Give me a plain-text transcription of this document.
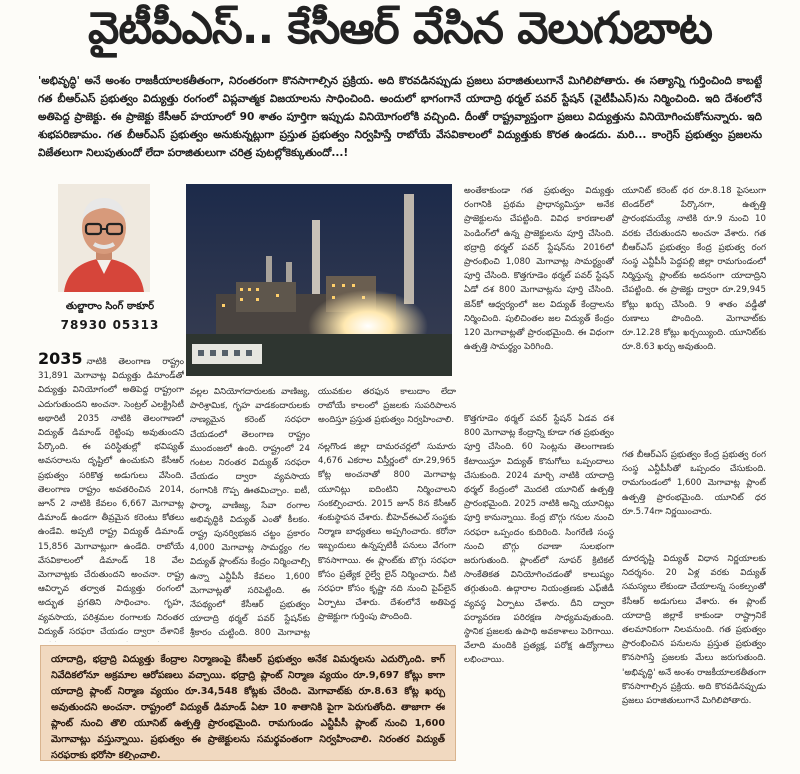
వైటీపీఎస్.. కేసీఆర్ వేసిన వెలుగుబాట
'అభివృద్ధి' అనే అంశం రాజకీయాలకతీతంగా, నిరంతరంగా కొనసాగాల్సిన ప్రక్రియ. అది కొరవడినప్పుడు ప్రజలు పరాజితులుగానే మిగిలిపోతారు. ఈ సత్యాన్ని గుర్తించింది కాబట్టే గత బీఆర్ఎస్ ప్రభుత్వం విద్యుత్తు రంగంలో విప్లవాత్మక విజయాలను సాధించింది. అందులో భాగంగానే యాదాద్రి థర్మల్ పవర్ స్టేషన్ (వైటీపీఎస్)ను నిర్మించింది. ఇది దేశంలోనే అతిపెద్ద ప్రాజెక్టు. ఈ ప్రాజెక్టు కేసీఆర్ హయాంలో 90 శాతం పూర్తిగా ఇప్పుడు వినియోగంలోకి వచ్చింది. దీంతో రాష్ట్రవ్యాప్తంగా ప్రజలు విద్యుత్తును వినియోగించుకోనున్నారు. ఇది శుభపరిణామం. గత బీఆర్ఎస్ ప్రభుత్వం అనుకున్నట్లుగా ప్రస్తుత ప్రభుత్వం నిర్వహిస్తే రాబోయే వేసవికాలంలో విద్యుత్తుకు కొరత ఉండదు. మరి... కాంగ్రెస్ ప్రభుత్వం ప్రజలను విజేతలుగా నిలుపుతుందో లేదా పరాజితులుగా చరిత్ర పుటల్లోకెక్కుతుందో...!
తుల్జారాం సింగ్ ఠాకూర్
78930 05313
2035 నాటికి తెలంగాణ రాష్ట్రం 31,891 మెగావాట్ల విద్యుత్తు డిమాండ్‌తో విద్యుత్తు వినియోగంలో అతిపెద్ద రాష్ట్రంగా ఎదుగుతుందని అంచనా. సెంట్రల్ ఎలక్ట్రిసిటీ అథారిటీ 2035 నాటికి తెలంగాణలో విద్యుత్ డిమాండ్ రెట్టింపు అవుతుందని పేర్కొంది. ఈ పరిస్థితుల్లో భవిష్యత్ అవసరాలను దృష్టిలో ఉంచుకుని కేసీఆర్ ప్రభుత్వం సరికొత్త అడుగులు వేసింది. తెలంగాణ రాష్ట్రం అవతరించిన 2014, జూన్ 2 నాటికి కేవలం 6,667 మెగావాట్ల డిమాండ్ ఉండగా తీవ్రమైన కరెంటు కోతలు ఉండేవి. అప్పటి రాష్ట్ర విద్యుత్ డిమాండ్ 15,856 మెగావాట్లుగా ఉండేది. రాబోయే వేసవికాలంలో డిమాండ్ 18 వేల మెగావాట్లకు చేరుతుందని అంచనా. రాష్ట్ర ఆవిర్భావ తర్వాత విద్యుత్తు రంగంలో అద్భుత ప్రగతిని సాధించాం. గృహ, వ్యవసాయ, పరిశ్రమల రంగాలకు నిరంతర విద్యుత్ సరఫరా చేయడం ద్వారా దేశానికే
వల్లల వినియోగదారులకు వాణిజ్య, పారిశ్రామిక, గృహ వాడకందారులకు నాణ్యమైన కరెంట్ సరఫరా చేయడంలో తెలంగాణ రాష్ట్రం ముందంజలో ఉంది. రాష్ట్రంలో 24 గంటల నిరంతర విద్యుత్ సరఫరా చేయడం ద్వారా వ్యవసాయ రంగానికి గొప్ప ఊతమిచ్చాం. ఐటీ, ఫార్మా, వాణిజ్య, సేవా రంగాల అభివృద్ధికి విద్యుత్ ఎంతో కీలకం. రాష్ట్ర పునర్విభజన చట్టం ప్రకారం 4,000 మెగావాట్ల సామర్థ్యం గల విద్యుత్ ప్లాంట్‌ను కేంద్రం నిర్మించాల్సి ఉన్నా ఎన్టీపీసీ కేవలం 1,600 మెగావాట్లతో సరిపెట్టింది. ఈ నేపథ్యంలో కేసీఆర్ ప్రభుత్వం యాదాద్రి థర్మల్ పవర్ స్టేషన్‌కు శ్రీకారం చుట్టింది. 800 మెగావాట్ల
యువకుల తరఫున కాలుదాం లేదా రాబోయే కాలంలో ప్రజలకు సుపరిపాలన అందిస్తూ ప్రస్తుత ప్రభుత్వం నిర్వహించాలి.
నల్లగొండ జిల్లా దామరచర్లలో సుమారు 4,676 ఎకరాల విస్తీర్ణంలో రూ.29,965 కోట్ల అంచనాతో 800 మెగావాట్ల యూనిట్లు ఐదింటిని నిర్మించాలని సంకల్పించారు. 2015 జూన్ 8న కేసీఆర్ శంకుస్థాపన చేశారు. బీహెచ్ఈఎల్ సంస్థకు నిర్మాణ బాధ్యతలు అప్పగించారు. కరోనా ఇబ్బందులు ఉన్నప్పటికీ పనులు వేగంగా కొనసాగాయి. ఈ ప్లాంట్‌కు బొగ్గు సరఫరా కోసం ప్రత్యేక రైల్వే లైన్ నిర్మించారు. నీటి సరఫరా కోసం కృష్ణా నది నుంచి పైప్‌లైన్ ఏర్పాటు చేశారు. దేశంలోనే అతిపెద్ద ప్రాజెక్టుగా గుర్తింపు పొందింది.
అంతేకాకుండా గత ప్రభుత్వం విద్యుత్తు రంగానికి ప్రథమ ప్రాధాన్యమిస్తూ అనేక ప్రాజెక్టులను చేపట్టింది. వివిధ కారణాలతో పెండింగ్‌లో ఉన్న ప్రాజెక్టులను పూర్తి చేసింది. భద్రాద్రి థర్మల్ పవర్ స్టేషన్‌ను 2016లో ప్రారంభించి 1,080 మెగావాట్ల సామర్థ్యంతో పూర్తి చేసింది. కొత్తగూడెం థర్మల్ పవర్ స్టేషన్ ఏడో దశ 800 మెగావాట్లను పూర్తి చేసింది. జెన్‌కో ఆధ్వర్యంలో జల విద్యుత్ కేంద్రాలను నిర్మించింది. పులిచింతల జల విద్యుత్ కేంద్రం 120 మెగావాట్లతో ప్రారంభమైంది. ఈ విధంగా ఉత్పత్తి సామర్థ్యం పెరిగింది.
కొత్తగూడెం థర్మల్ పవర్ స్టేషన్ ఏడవ దశ 800 మెగావాట్ల కేంద్రాన్ని కూడా గత ప్రభుత్వం పూర్తి చేసింది. 60 సెంట్లను తెలంగాణకు కేటాయిస్తూ విద్యుత్ కొనుగోలు ఒప్పందాలు చేసుకుంది. 2024 మార్చి నాటికి యాదాద్రి థర్మల్ కేంద్రంలో మొదటి యూనిట్ ఉత్పత్తి ప్రారంభమైంది. 2025 నాటికి అన్ని యూనిట్లు పూర్తి కానున్నాయి. కేంద్ర బొగ్గు గనుల నుంచి సరఫరా ఒప్పందం కుదిరింది. సింగరేణి సంస్థ నుంచి బొగ్గు రవాణా సులభంగా జరుగుతుంది. ప్లాంట్‌లో సూపర్ క్రిటికల్ సాంకేతికత వినియోగించడంతో కాలుష్యం తగ్గుతుంది. ఉద్గారాల నియంత్రణకు ఎఫ్‌జీడీ వ్యవస్థ ఏర్పాటు చేశారు. దీని ద్వారా పర్యావరణ పరిరక్షణ సాధ్యమవుతుంది. స్థానిక ప్రజలకు ఉపాధి అవకాశాలు పెరిగాయి. వేలాది మందికి ప్రత్యక్ష, పరోక్ష ఉద్యోగాలు లభించాయి.
యూనిట్ కరెంట్ ధర రూ.8.18 పైసలుగా టెండర్‌లో పేర్కొనగా, ఉత్పత్తి ప్రారంభమయ్యే నాటికి రూ.9 నుంచి 10 వరకు చేరుతుందని అంచనా వేశారు. గత బీఆర్ఎస్ ప్రభుత్వం కేంద్ర ప్రభుత్వ రంగ సంస్థ ఎన్టీపీసీ పెద్దపల్లి జిల్లా రామగుండంలో నిర్మిస్తున్న ప్లాంట్‌కు అదనంగా యాదాద్రిని చేపట్టింది. ఈ ప్రాజెక్టు ద్వారా రూ.29,945 కోట్లు ఖర్చు చేసింది. 9 శాతం వడ్డీతో రుణాలు పొందింది. మెగావాట్‌కు రూ.12.28 కోట్లు ఖర్చయ్యింది. యూనిట్‌కు రూ.8.63 ఖర్చు అవుతుంది.
గత బీఆర్ఎస్ ప్రభుత్వం కేంద్ర ప్రభుత్వ రంగ సంస్థ ఎన్టీపీసీతో ఒప్పందం చేసుకుంది. రామగుండంలో 1,600 మెగావాట్ల ప్లాంట్ ఉత్పత్తి ప్రారంభమైంది. యూనిట్ ధర రూ.5.74గా నిర్ణయించారు.
దూరదృష్టి విద్యుత్ విధాన నిర్ణయాలకు నిదర్శనం. 20 ఏళ్ల వరకు విద్యుత్ సమస్యలు లేకుండా చేయాలన్న సంకల్పంతో కేసీఆర్ అడుగులు వేశారు. ఈ ప్లాంట్ యాదాద్రి జిల్లాకే కాకుండా రాష్ట్రానికే తలమానికంగా నిలవనుంది. గత ప్రభుత్వం ప్రారంభించిన పనులను ప్రస్తుత ప్రభుత్వం కొనసాగిస్తే ప్రజలకు మేలు జరుగుతుంది. 'అభివృద్ధి' అనే అంశం రాజకీయాలకతీతంగా కొనసాగాల్సిన ప్రక్రియ. అది కొరవడినప్పుడు ప్రజలు పరాజితులుగానే మిగిలిపోతారు.
యాదాద్రి, భద్రాద్రి విద్యుత్తు కేంద్రాల నిర్మాణంపై కేసీఆర్ ప్రభుత్వం అనేక విమర్శలను ఎదుర్కొంది. కాగ్ నివేదికలోనూ అక్రమాల ఆరోపణలు వచ్చాయి. భద్రాద్రి ప్లాంట్ నిర్మాణ వ్యయం రూ.9,697 కోట్లు కాగా యాదాద్రి ప్లాంట్ నిర్మాణ వ్యయం రూ.34,548 కోట్లకు చేరింది. మెగావాట్‌కు రూ.8.63 కోట్ల ఖర్చు అవుతుందని అంచనా. రాష్ట్రంలో విద్యుత్ డిమాండ్ ఏటా 10 శాతానికి పైగా పెరుగుతోంది. తాజాగా ఈ ప్లాంట్ నుంచి తొలి యూనిట్ ఉత్పత్తి ప్రారంభమైంది. రామగుండం ఎన్టీపీసీ ప్లాంట్ నుంచి 1,600 మెగావాట్లు వస్తున్నాయి. ప్రభుత్వం ఈ ప్రాజెక్టులను సమర్థవంతంగా నిర్వహించాలి. నిరంతర విద్యుత్ సరఫరాకు భరోసా కల్పించాలి.
